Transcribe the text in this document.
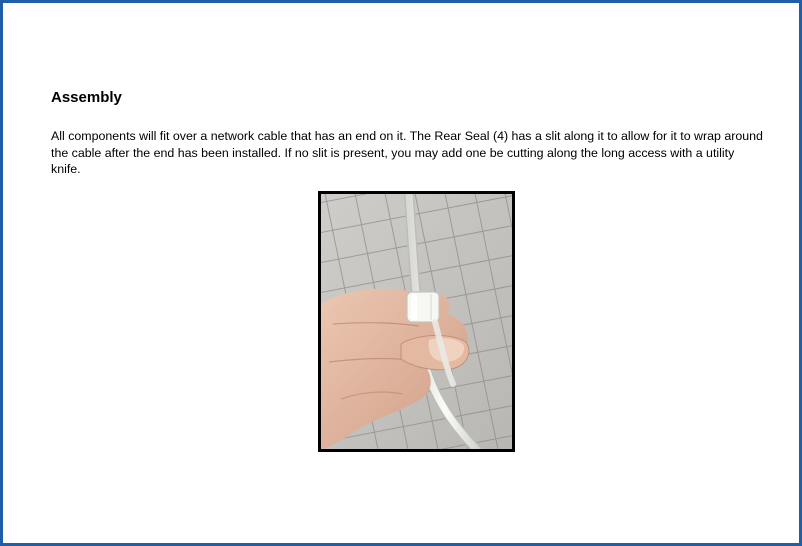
Assembly

All components will fit over a network cable that has an end on it. The Rear Seal (4) has a slit along it to allow for it to wrap around the cable after the end has been installed. If no slit is present, you may add one be cutting along the long access with a utility knife.
